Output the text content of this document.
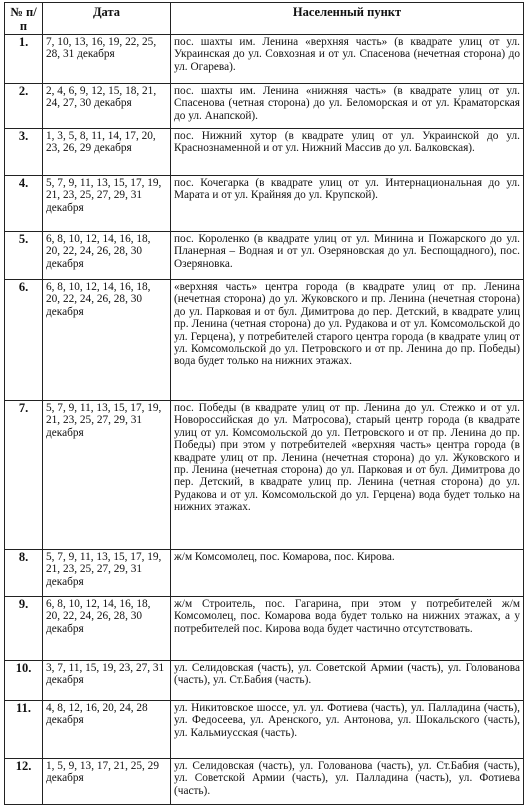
№ п/п	Дата	Населенный пункт
1.	7, 10, 13, 16, 19, 22, 25, 28, 31 декабря	пос. шахты им. Ленина «верхняя часть» (в квадрате улиц от ул. Украинская до ул. Совхозная и от ул. Спасенова (нечетная сторона) до ул. Огарева).
2.	2, 4, 6, 9, 12, 15, 18, 21, 24, 27, 30 декабря	пос. шахты им. Ленина «нижняя часть» (в квадрате улиц от ул. Спасенова (четная сторона) до ул. Беломорская и от ул. Краматорская до ул. Анапской).
3.	1, 3, 5, 8, 11, 14, 17, 20, 23, 26, 29 декабря	пос. Нижний хутор (в квадрате улиц от ул. Украинской до ул. Краснознаменной и от ул. Нижний Массив до ул. Балковская).
4.	5, 7, 9, 11, 13, 15, 17, 19, 21, 23, 25, 27, 29, 31 декабря	пос. Кочегарка (в квадрате улиц от ул. Интернациональная до ул. Марата и от ул. Крайняя до ул. Крупской).
5.	6, 8, 10, 12, 14, 16, 18, 20, 22, 24, 26, 28, 30 декабря	пос. Короленко (в квадрате улиц от ул. Минина и Пожарского до ул. Планерная – Водная и от ул. Озеряновская до ул. Беспощадного), пос. Озеряновка.
6.	6, 8, 10, 12, 14, 16, 18, 20, 22, 24, 26, 28, 30 декабря	«верхняя часть» центра города (в квадрате улиц от пр. Ленина (нечетная сторона) до ул. Жуковского и пр. Ленина (нечетная сторона) до ул. Парковая и от бул. Димитрова до пер. Детский, в квадрате улиц пр. Ленина (четная сторона) до ул. Рудакова и от ул. Комсомольской до ул. Герцена), у потребителей старого центра города (в квадрате улиц от ул. Комсомольской до ул. Петровского и от пр. Ленина до пр. Победы) вода будет только на нижних этажах.
7.	5, 7, 9, 11, 13, 15, 17, 19, 21, 23, 25, 27, 29, 31 декабря	пос. Победы (в квадрате улиц от пр. Ленина до ул. Стежко и от ул. Новороссийская до ул. Матросова), старый центр города (в квадрате улиц от ул. Комсомольской до ул. Петровского и от пр. Ленина до пр. Победы) при этом у потребителей «верхняя часть» центра города (в квадрате улиц от пр. Ленина (нечетная сторона) до ул. Жуковского и пр. Ленина (нечетная сторона) до ул. Парковая и от бул. Димитрова до пер. Детский, в квадрате улиц пр. Ленина (четная сторона) до ул. Рудакова и от ул. Комсомольской до ул. Герцена) вода будет только на нижних этажах.
8.	5, 7, 9, 11, 13, 15, 17, 19, 21, 23, 25, 27, 29, 31 декабря	ж/м Комсомолец, пос. Комарова, пос. Кирова.
9.	6, 8, 10, 12, 14, 16, 18, 20, 22, 24, 26, 28, 30 декабря	ж/м Строитель, пос. Гагарина, при этом у потребителей ж/м Комсомолец, пос. Комарова вода будет только на нижних этажах, а у потребителей пос. Кирова вода будет частично отсутствовать.
10.	3, 7, 11, 15, 19, 23, 27, 31 декабря	ул. Селидовская (часть), ул. Советской Армии (часть), ул. Голованова (часть), ул. Ст.Бабия (часть).
11.	4, 8, 12, 16, 20, 24, 28 декабря	ул. Никитовское шоссе, ул. ул. Фотиева (часть), ул. Палладина (часть), ул. Федосеева, ул. Аренского, ул. Антонова, ул. Шокальского (часть), ул. Кальмиусская (часть).
12.	1, 5, 9, 13, 17, 21, 25, 29 декабря	ул. Селидовская (часть), ул. Голованова (часть), ул. Ст.Бабия (часть), ул. Советской Армии (часть), ул. Палладина (часть), ул. Фотиева (часть).
